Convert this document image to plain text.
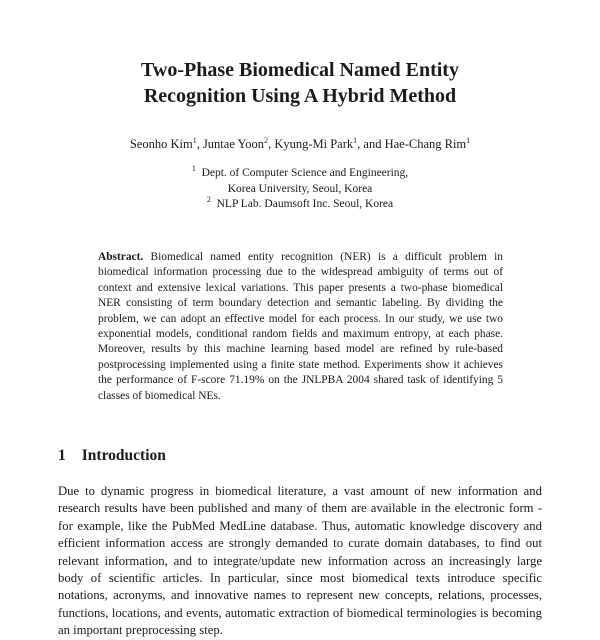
Two-Phase Biomedical Named Entity
Recognition Using A Hybrid Method
Seonho Kim$^1$, Juntae Yoon$^2$, Kyung-Mi Park$^1$, and Hae-Chang Rim$^1$
$^1$ Dept. of Computer Science and Engineering,
Korea University, Seoul, Korea
$^2$ NLP Lab. Daumsoft Inc. Seoul, Korea
Abstract. Biomedical named entity recognition (NER) is a difficult problem in biomedical information processing due to the widespread ambiguity of terms out of context and extensive lexical variations. This paper presents a two-phase biomedical NER consisting of term boundary detection and semantic labeling. By dividing the problem, we can adopt an effective model for each process. In our study, we use two exponential models, conditional random fields and maximum entropy, at each phase. Moreover, results by this machine learning based model are refined by rule-based postprocessing implemented using a finite state method. Experiments show it achieves the performance of F-score 71.19% on the JNLPBA 2004 shared task of identifying 5 classes of biomedical NEs.
1 Introduction
Due to dynamic progress in biomedical literature, a vast amount of new information and research results have been published and many of them are available in the electronic form - for example, like the PubMed MedLine database. Thus, automatic knowledge discovery and efficient information access are strongly demanded to curate domain databases, to find out relevant information, and to integrate/update new information across an increasingly large body of scientific articles. In particular, since most biomedical texts introduce specific notations, acronyms, and innovative names to represent new concepts, relations, processes, functions, locations, and events, automatic extraction of biomedical terminologies is becoming an important preprocessing step.
